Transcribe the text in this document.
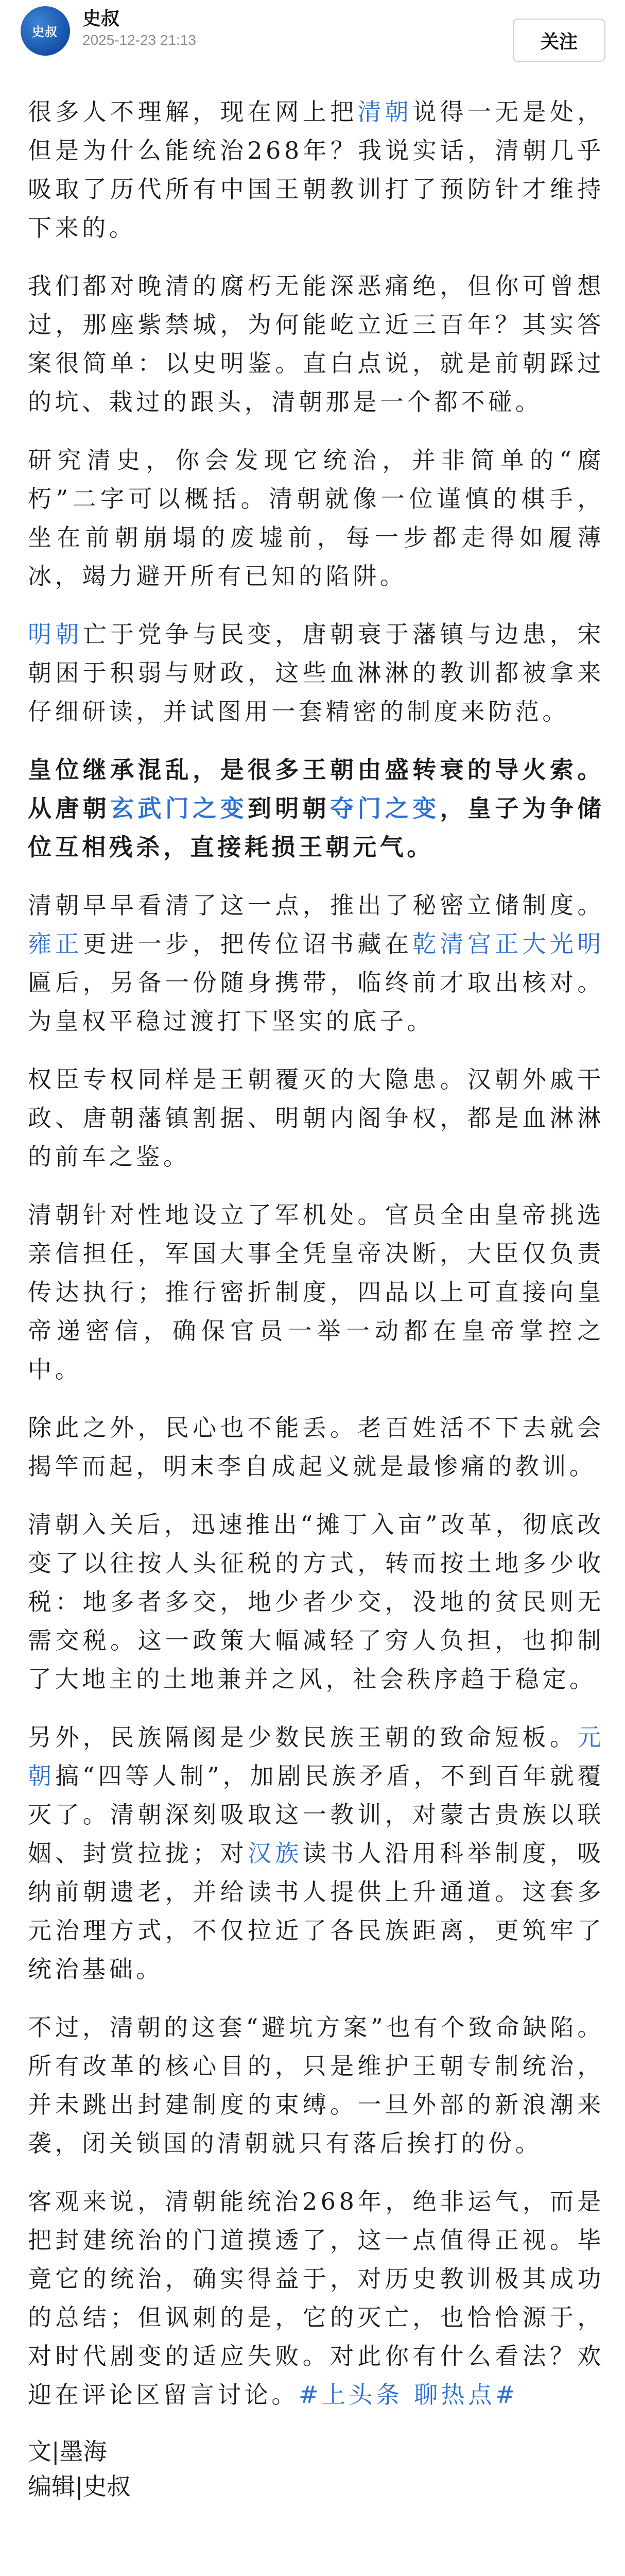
史叔
史叔
2025-12-23 21:13	关注

很多人不理解，现在网上把清朝说得一无是处，但是为什么能统治268年？我说实话，清朝几乎吸取了历代所有中国王朝教训打了预防针才维持下来的。

我们都对晚清的腐朽无能深恶痛绝，但你可曾想过，那座紫禁城，为何能屹立近三百年？其实答案很简单：以史明鉴。直白点说，就是前朝踩过的坑、栽过的跟头，清朝那是一个都不碰。

研究清史，你会发现它统治，并非简单的“腐朽”二字可以概括。清朝就像一位谨慎的棋手，坐在前朝崩塌的废墟前，每一步都走得如履薄冰，竭力避开所有已知的陷阱。

明朝亡于党争与民变，唐朝衰于藩镇与边患，宋朝困于积弱与财政，这些血淋淋的教训都被拿来仔细研读，并试图用一套精密的制度来防范。

皇位继承混乱，是很多王朝由盛转衰的导火索。从唐朝玄武门之变到明朝夺门之变，皇子为争储位互相残杀，直接耗损王朝元气。

清朝早早看清了这一点，推出了秘密立储制度。雍正更进一步，把传位诏书藏在乾清宫正大光明匾后，另备一份随身携带，临终前才取出核对。为皇权平稳过渡打下坚实的底子。

权臣专权同样是王朝覆灭的大隐患。汉朝外戚干政、唐朝藩镇割据、明朝内阁争权，都是血淋淋的前车之鉴。

清朝针对性地设立了军机处。官员全由皇帝挑选亲信担任，军国大事全凭皇帝决断，大臣仅负责传达执行；推行密折制度，四品以上可直接向皇帝递密信，确保官员一举一动都在皇帝掌控之中。

除此之外，民心也不能丢。老百姓活不下去就会揭竿而起，明末李自成起义就是最惨痛的教训。

清朝入关后，迅速推出“摊丁入亩”改革，彻底改变了以往按人头征税的方式，转而按土地多少收税：地多者多交，地少者少交，没地的贫民则无需交税。这一政策大幅减轻了穷人负担，也抑制了大地主的土地兼并之风，社会秩序趋于稳定。

另外，民族隔阂是少数民族王朝的致命短板。元朝搞“四等人制”，加剧民族矛盾，不到百年就覆灭了。清朝深刻吸取这一教训，对蒙古贵族以联姻、封赏拉拢；对汉族读书人沿用科举制度，吸纳前朝遗老，并给读书人提供上升通道。这套多元治理方式，不仅拉近了各民族距离，更筑牢了统治基础。

不过，清朝的这套“避坑方案”也有个致命缺陷。所有改革的核心目的，只是维护王朝专制统治，并未跳出封建制度的束缚。一旦外部的新浪潮来袭，闭关锁国的清朝就只有落后挨打的份。

客观来说，清朝能统治268年，绝非运气，而是把封建统治的门道摸透了，这一点值得正视。毕竟它的统治，确实得益于，对历史教训极其成功的总结；但讽刺的是，它的灭亡，也恰恰源于，对时代剧变的适应失败。对此你有什么看法？欢迎在评论区留言讨论。#上头条 聊热点#

文|墨海

编辑|史叔
